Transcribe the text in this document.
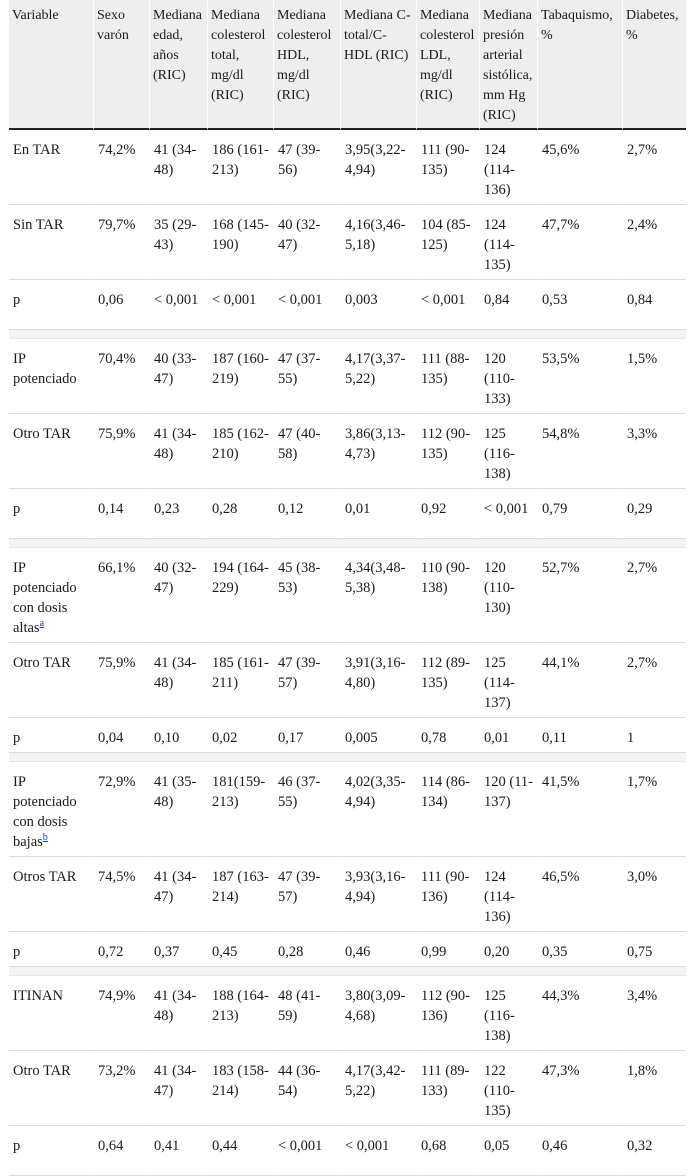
Variable	Sexo varón	Mediana edad, años (RIC)	Mediana colesterol total, mg/dl (RIC)	Mediana colesterol HDL, mg/dl (RIC)	Mediana C-total/C-HDL (RIC)	Mediana colesterol LDL, mg/dl (RIC)	Mediana presión arterial sistólica, mm Hg (RIC)	Tabaquismo, %	Diabetes, %
En TAR	74,2%	41 (34-48)	186 (161-213)	47 (39-56)	3,95(3,22-4,94)	111 (90-135)	124 (114-136)	45,6%	2,7%
Sin TAR	79,7%	35 (29-43)	168 (145-190)	40 (32-47)	4,16(3,46-5,18)	104 (85-125)	124 (114-135)	47,7%	2,4%
p	0,06	< 0,001	< 0,001	< 0,001	0,003	< 0,001	0,84	0,53	0,84

IP potenciado	70,4%	40 (33-47)	187 (160-219)	47 (37-55)	4,17(3,37-5,22)	111 (88-135)	120 (110-133)	53,5%	1,5%
Otro TAR	75,9%	41 (34-48)	185 (162-210)	47 (40-58)	3,86(3,13-4,73)	112 (90-135)	125 (116-138)	54,8%	3,3%
p	0,14	0,23	0,28	0,12	0,01	0,92	< 0,001	0,79	0,29

IP potenciado con dosis altas$^a$	66,1%	40 (32-47)	194 (164-229)	45 (38-53)	4,34(3,48-5,38)	110 (90-138)	120 (110-130)	52,7%	2,7%
Otro TAR	75,9%	41 (34-48)	185 (161-211)	47 (39-57)	3,91(3,16-4,80)	112 (89-135)	125 (114-137)	44,1%	2,7%
p	0,04	0,10	0,02	0,17	0,005	0,78	0,01	0,11	1

IP potenciado con dosis bajas$^b$	72,9%	41 (35-48)	181(159-213)	46 (37-55)	4,02(3,35-4,94)	114 (86-134)	120 (11-137)	41,5%	1,7%
Otros TAR	74,5%	41 (34-47)	187 (163-214)	47 (39-57)	3,93(3,16-4,94)	111 (90-136)	124 (114-136)	46,5%	3,0%
p	0,72	0,37	0,45	0,28	0,46	0,99	0,20	0,35	0,75

ITINAN	74,9%	41 (34-48)	188 (164-213)	48 (41-59)	3,80(3,09-4,68)	112 (90-136)	125 (116-138)	44,3%	3,4%
Otro TAR	73,2%	41 (34-47)	183 (158-214)	44 (36-54)	4,17(3,42-5,22)	111 (89-133)	122 (110-135)	47,3%	1,8%
p	0,64	0,41	0,44	< 0,001	< 0,001	0,68	0,05	0,46	0,32
